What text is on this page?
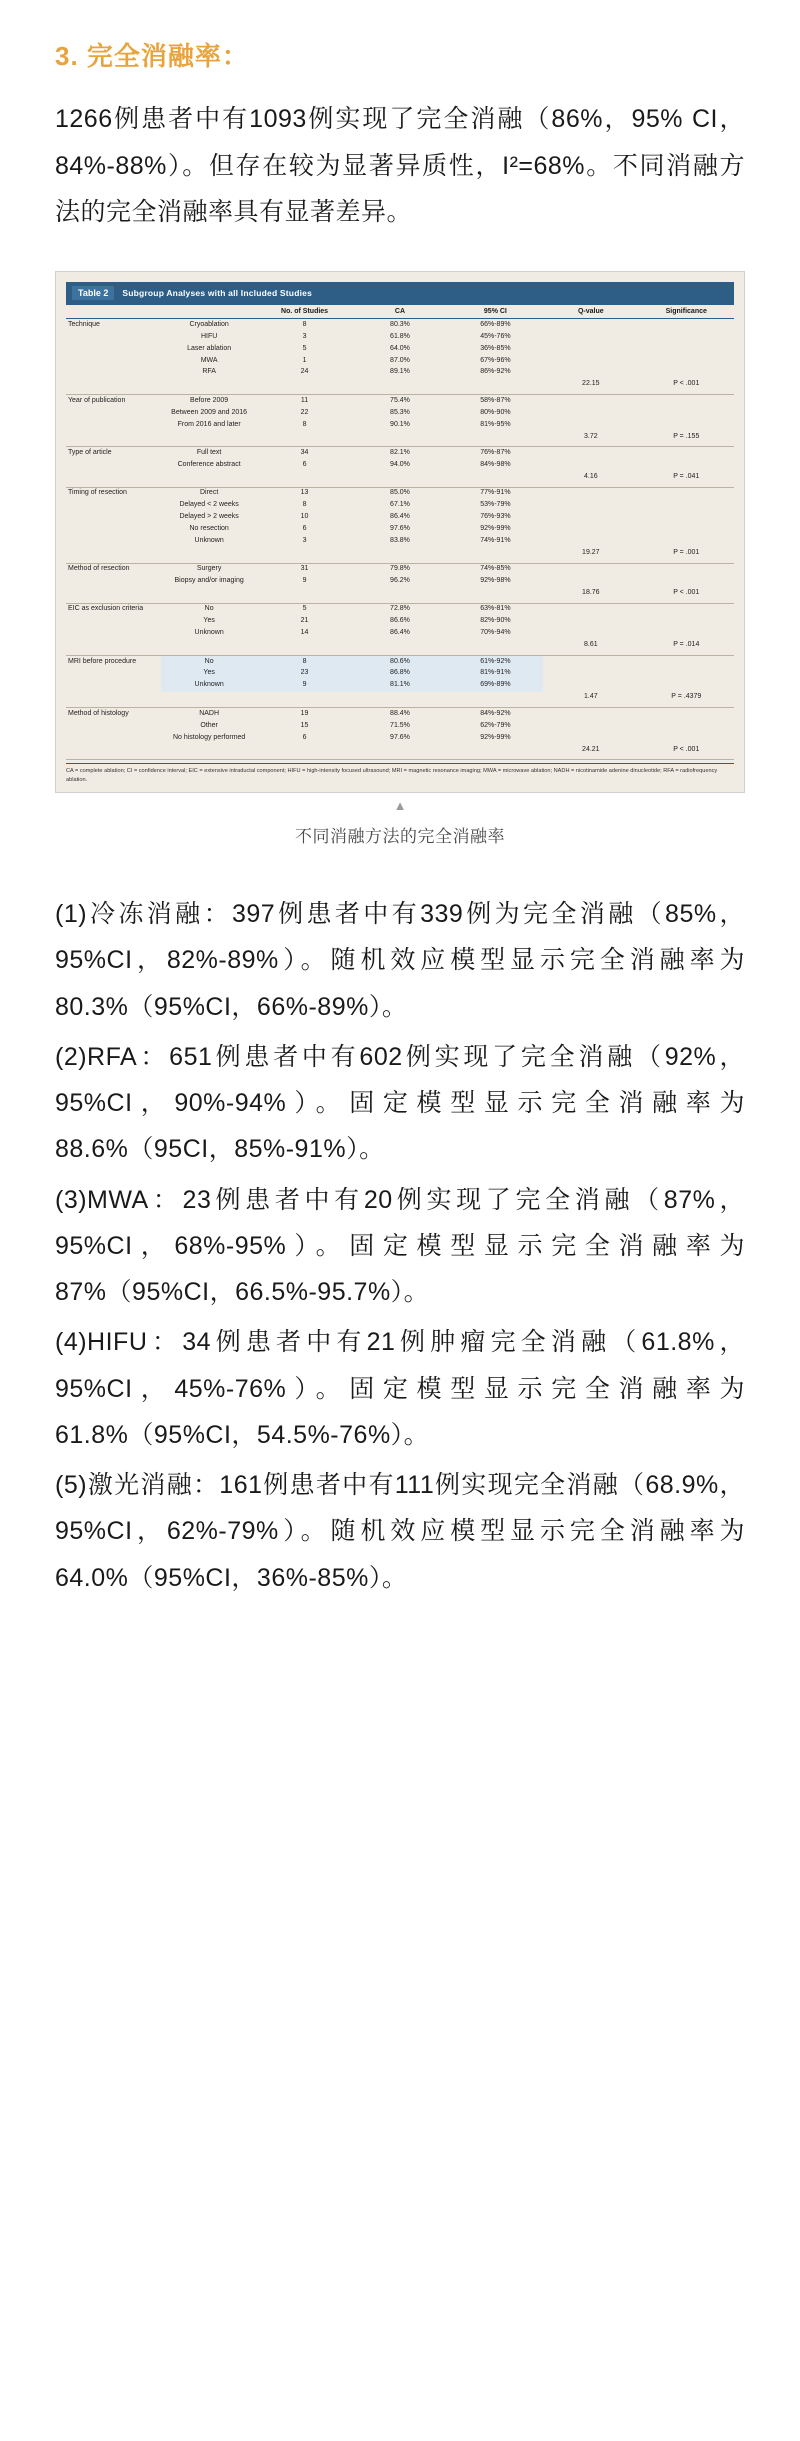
3. 完全消融率：

1266例患者中有1093例实现了完全消融（86%，95% CI，84%-88%）。但存在较为显著异质性，I²=68%。不同消融方法的完全消融率具有显著差异。

Table 2	Subgroup Analyses with all Included Studies
		No. of Studies	CA	95% CI	Q-value	Significance
Technique	Cryoablation	8	80.3%	66%-89%		
	HIFU	3	61.8%	45%-76%		
	Laser ablation	5	64.0%	36%-85%		
	MWA	1	87.0%	67%-96%		
	RFA	24	89.1%	86%-92%		
					22.15	P < .001
Year of publication	Before 2009	11	75.4%	58%-87%		
	Between 2009 and 2016	22	85.3%	80%-90%		
	From 2016 and later	8	90.1%	81%-95%		
					3.72	P = .155
Type of article	Full text	34	82.1%	76%-87%		
	Conference abstract	6	94.0%	84%-98%		
					4.16	P = .041
Timing of resection	Direct	13	85.0%	77%-91%		
	Delayed < 2 weeks	8	67.1%	53%-79%		
	Delayed > 2 weeks	10	86.4%	76%-93%		
	No resection	6	97.6%	92%-99%		
	Unknown	3	83.8%	74%-91%		
					19.27	P = .001
Method of resection	Surgery	31	79.8%	74%-85%		
	Biopsy and/or imaging	9	96.2%	92%-98%		
					18.76	P < .001
EIC as exclusion criteria	No	5	72.8%	63%-81%		
	Yes	21	86.6%	82%-90%		
	Unknown	14	86.4%	70%-94%		
					8.61	P = .014
MRI before procedure	No	8	80.6%	61%-92%		
	Yes	23	86.8%	81%-91%		
	Unknown	9	81.1%	69%-89%		
					1.47	P = .4379
Method of histology	NADH	19	88.4%	84%-92%		
	Other	15	71.5%	62%-79%		
	No histology performed	6	97.6%	92%-99%		
					24.21	P < .001
CA = complete ablation; CI = confidence interval; EIC = extensive intraductal component; HIFU = high-intensity focused ultrasound; MRI = magnetic resonance imaging; MWA = microwave ablation; NADH = nicotinamide adenine dinucleotide; RFA = radiofrequency ablation.
▲
不同消融方法的完全消融率

(1)冷冻消融：397例患者中有339例为完全消融（85%，95%CI，82%-89%）。随机效应模型显示完全消融率为80.3%（95%CI，66%-89%）。

(2)RFA：651例患者中有602例实现了完全消融（92%，95%CI，90%-94%）。固定模型显示完全消融率为88.6%（95CI，85%-91%）。

(3)MWA：23例患者中有20例实现了完全消融（87%，95%CI，68%-95%）。固定模型显示完全消融率为87%（95%CI，66.5%-95.7%）。

(4)HIFU：34例患者中有21例肿瘤完全消融（61.8%，95%CI，45%-76%）。固定模型显示完全消融率为61.8%（95%CI，54.5%-76%）。

(5)激光消融：161例患者中有111例实现完全消融（68.9%，95%CI，62%-79%）。随机效应模型显示完全消融率为64.0%（95%CI，36%-85%）。
